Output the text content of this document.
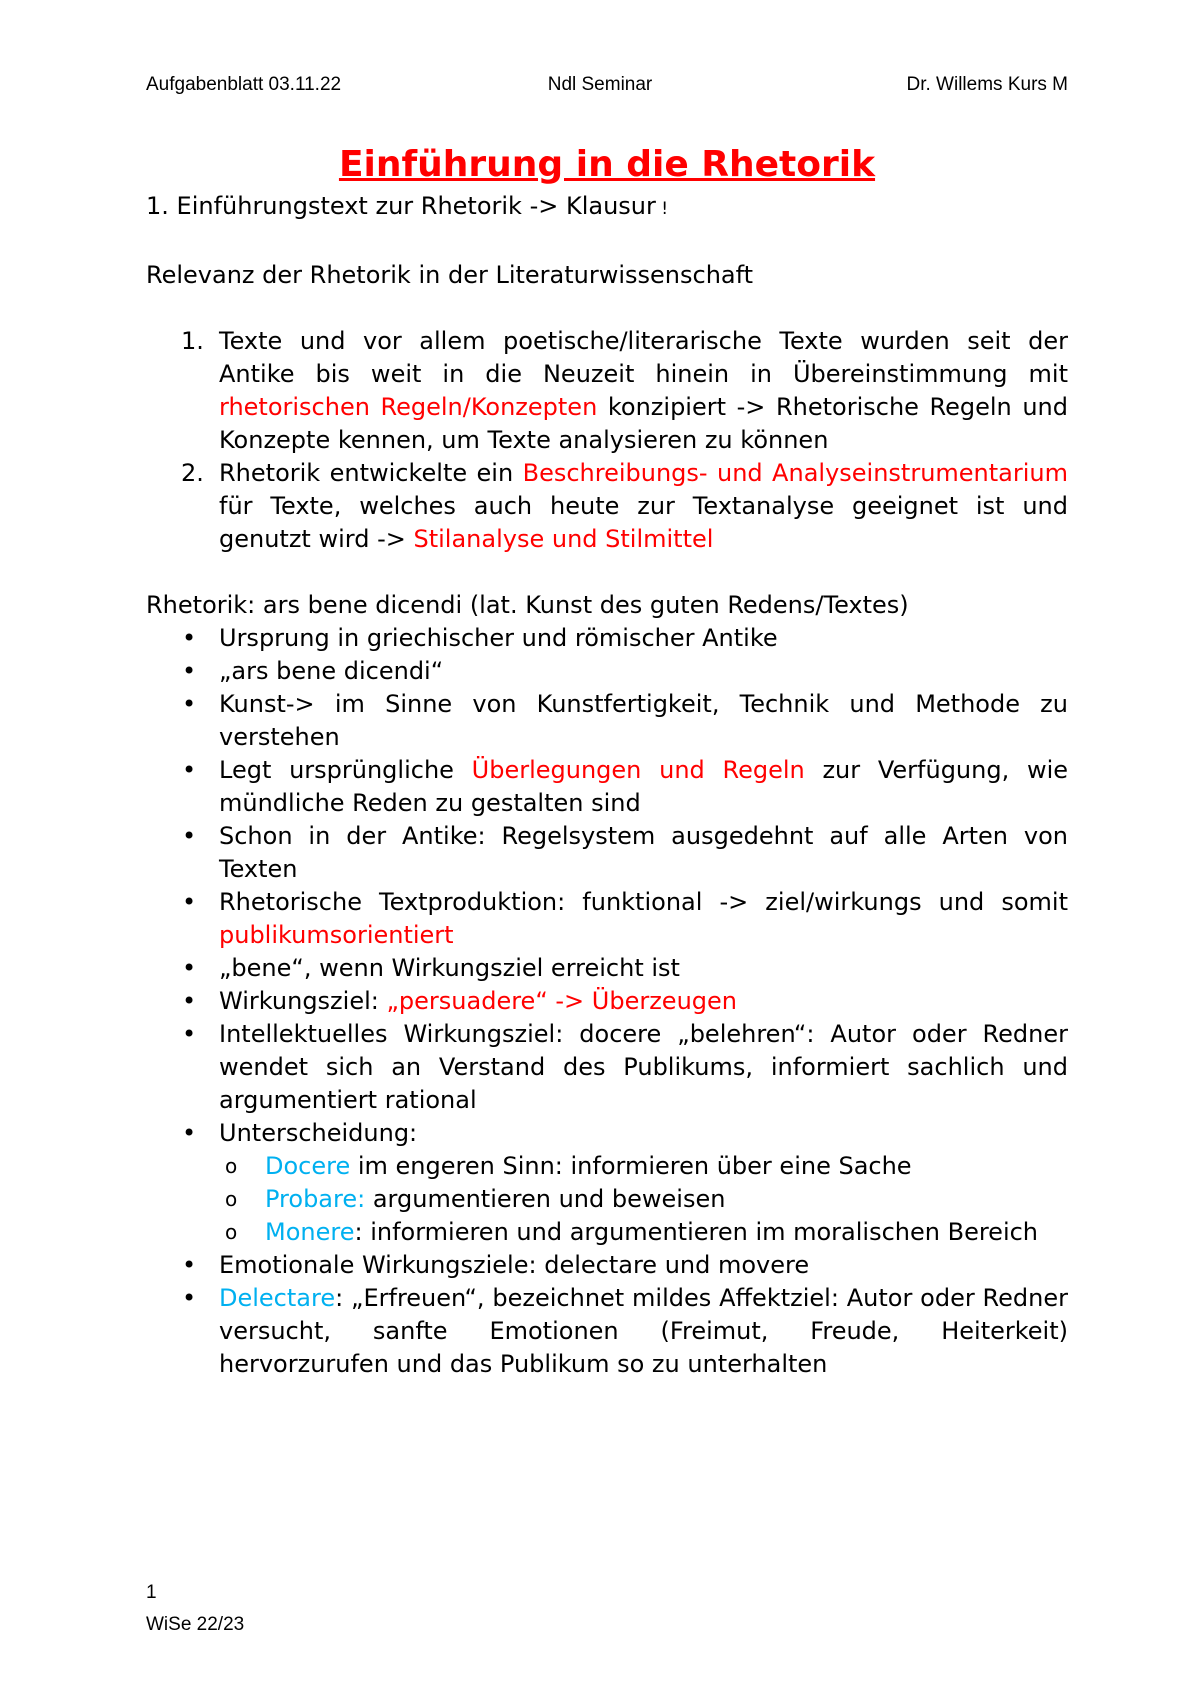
Aufgabenblatt 03.11.22	Ndl Seminar	Dr. Willems Kurs M
Einführung in die Rhetorik

1. Einführungstext zur Rhetorik -> Klausur !

Relevanz der Rhetorik in der Literaturwissenschaft

1. Texte und vor allem poetische/literarische Texte wurden seit der Antike bis weit in die Neuzeit hinein in Übereinstimmung mit rhetorischen Regeln/Konzepten konzipiert -> Rhetorische Regeln und Konzepte kennen, um Texte analysieren zu können
2. Rhetorik entwickelte ein Beschreibungs- und Analyseinstrumentarium für Texte, welches auch heute zur Textanalyse geeignet ist und genutzt wird -> Stilanalyse und Stilmittel

Rhetorik: ars bene dicendi (lat. Kunst des guten Redens/Textes)

• Ursprung in griechischer und römischer Antike
• „ars bene dicendi“
• Kunst-> im Sinne von Kunstfertigkeit, Technik und Methode zu verstehen
• Legt ursprüngliche Überlegungen und Regeln zur Verfügung, wie mündliche Reden zu gestalten sind
• Schon in der Antike: Regelsystem ausgedehnt auf alle Arten von Texten
• Rhetorische Textproduktion: funktional -> ziel/wirkungs und somit publikumsorientiert
• „bene“, wenn Wirkungsziel erreicht ist
• Wirkungsziel: „persuadere“ -> Überzeugen
• Intellektuelles Wirkungsziel: docere „belehren“: Autor oder Redner wendet sich an Verstand des Publikums, informiert sachlich und argumentiert rational
• Unterscheidung:
o Docere im engeren Sinn: informieren über eine Sache
o Probare: argumentieren und beweisen
o Monere: informieren und argumentieren im moralischen Bereich
• Emotionale Wirkungsziele: delectare und movere
• Delectare: „Erfreuen“, bezeichnet mildes Affektziel: Autor oder Redner versucht, sanfte Emotionen (Freimut, Freude, Heiterkeit) hervorzurufen und das Publikum so zu unterhalten
1
WiSe 22/23
